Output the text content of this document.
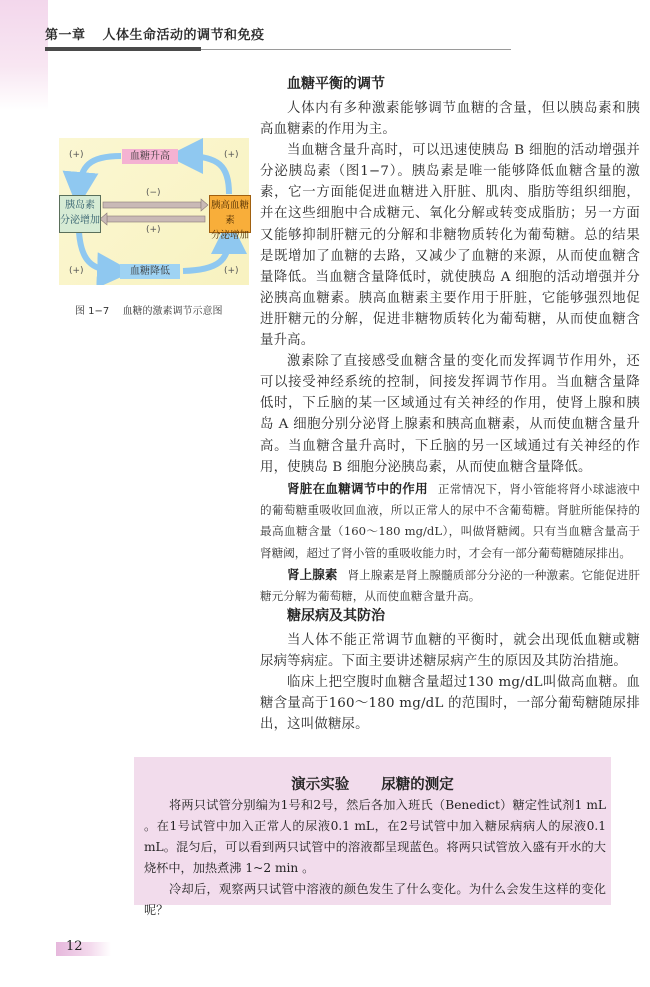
第一章 人体生命活动的调节和免疫
血糖升高
血糖降低
胰岛素
分泌增加
胰高血糖素
分泌增加
(+)	(+)
(−)
(+)
(+)	(+)
图 1−7 血糖的激素调节示意图
血糖平衡的调节

人体内有多种激素能够调节血糖的含量，但以胰岛素和胰高血糖素的作用为主。

当血糖含量升高时，可以迅速使胰岛 B 细胞的活动增强并分泌胰岛素（图1−7）。胰岛素是唯一能够降低血糖含量的激素，它一方面能促进血糖进入肝脏、肌肉、脂肪等组织细胞，并在这些细胞中合成糖元、氧化分解或转变成脂肪；另一方面又能够抑制肝糖元的分解和非糖物质转化为葡萄糖。总的结果是既增加了血糖的去路，又减少了血糖的来源，从而使血糖含量降低。当血糖含量降低时，就使胰岛 A 细胞的活动增强并分泌胰高血糖素。胰高血糖素主要作用于肝脏，它能够强烈地促进肝糖元的分解，促进非糖物质转化为葡萄糖，从而使血糖含量升高。

激素除了直接感受血糖含量的变化而发挥调节作用外，还可以接受神经系统的控制，间接发挥调节作用。当血糖含量降低时，下丘脑的某一区域通过有关神经的作用，使肾上腺和胰岛 A 细胞分别分泌肾上腺素和胰高血糖素，从而使血糖含量升高。当血糖含量升高时，下丘脑的另一区域通过有关神经的作用，使胰岛 B 细胞分泌胰岛素，从而使血糖含量降低。

肾脏在血糖调节中的作用 正常情况下，肾小管能将肾小球滤液中的葡萄糖重吸收回血液，所以正常人的尿中不含葡萄糖。肾脏所能保持的最高血糖含量（160～180 mg/dL），叫做肾糖阈。只有当血糖含量高于肾糖阈，超过了肾小管的重吸收能力时，才会有一部分葡萄糖随尿排出。

肾上腺素 肾上腺素是肾上腺髓质部分分泌的一种激素。它能促进肝糖元分解为葡萄糖，从而使血糖含量升高。

糖尿病及其防治

当人体不能正常调节血糖的平衡时，就会出现低血糖或糖尿病等病症。下面主要讲述糖尿病产生的原因及其防治措施。

临床上把空腹时血糖含量超过130 mg/dL叫做高血糖。血糖含量高于160～180 mg/dL 的范围时，一部分葡萄糖随尿排出，这叫做糖尿。

演示实验 尿糖的测定

将两只试管分别编为1号和2号，然后各加入班氏（Benedict）糖定性试剂1 mL 。在1号试管中加入正常人的尿液0.1 mL，在2号试管中加入糖尿病病人的尿液0.1 mL。混匀后，可以看到两只试管中的溶液都呈现蓝色。将两只试管放入盛有开水的大烧杯中，加热煮沸 1~2 min 。

冷却后，观察两只试管中溶液的颜色发生了什么变化。为什么会发生这样的变化呢？

12
